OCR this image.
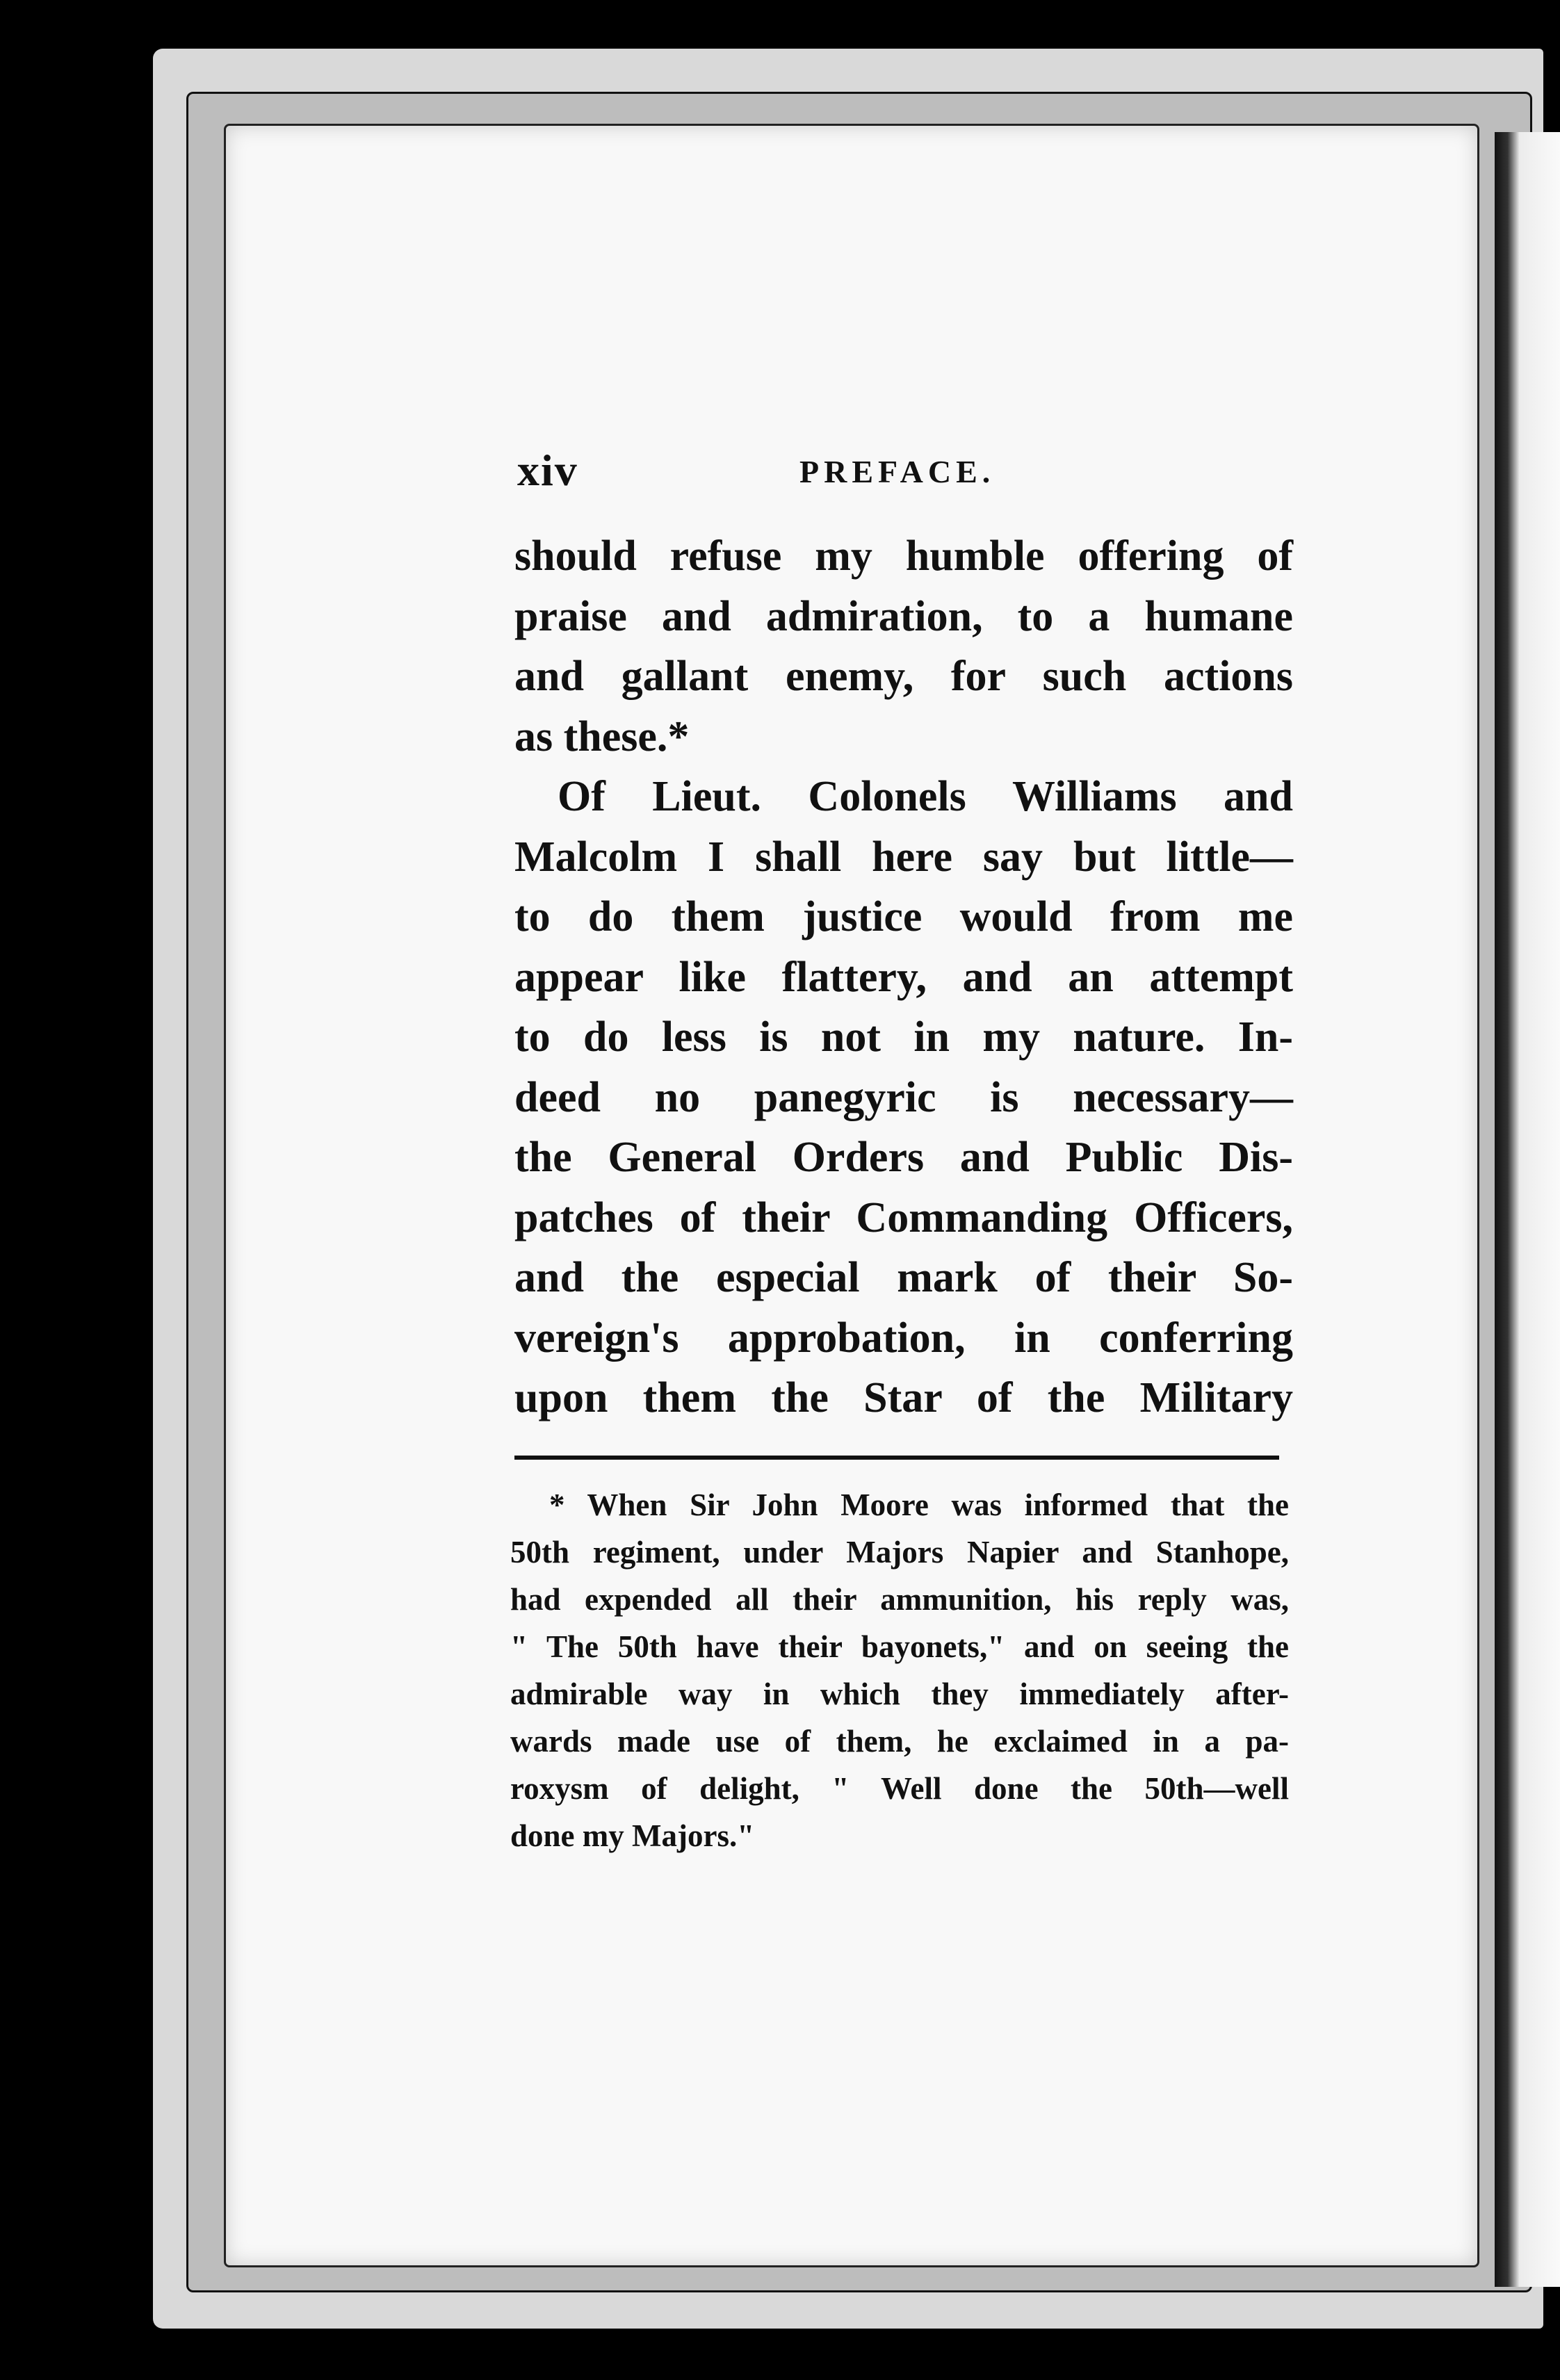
xiv	PREFACE.
should refuse my humble offering of
praise and admiration, to a humane
and gallant enemy, for such actions
as these.*
Of Lieut. Colonels Williams and
Malcolm I shall here say but little—
to do them justice would from me
appear like flattery, and an attempt
to do less is not in my nature. In-
deed no panegyric is necessary—
the General Orders and Public Dis-
patches of their Commanding Officers,
and the especial mark of their So-
vereign's approbation, in conferring
upon them the Star of the Military
* When Sir John Moore was informed that the
50th regiment, under Majors Napier and Stanhope,
had expended all their ammunition, his reply was,
" The 50th have their bayonets," and on seeing the
admirable way in which they immediately after-
wards made use of them, he exclaimed in a pa-
roxysm of delight, " Well done the 50th—well
done my Majors."
